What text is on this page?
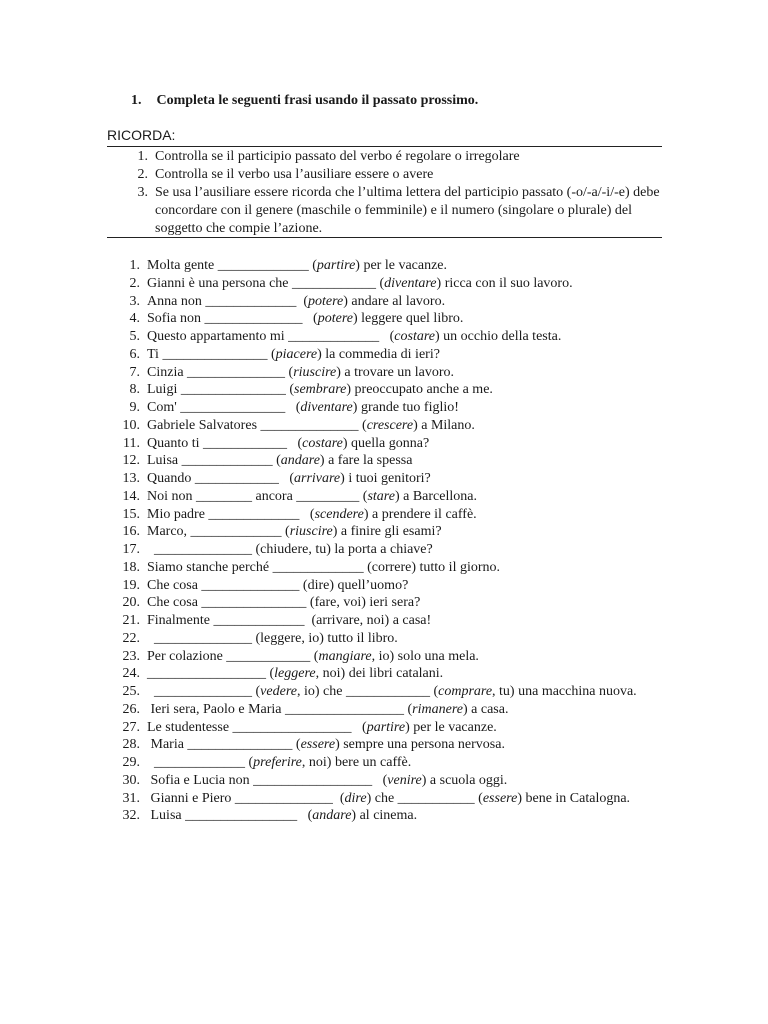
1. Completa le seguenti frasi usando il passato prossimo.
RICORDA:
1. Controlla se il participio passato del verbo é regolare o irregolare
2. Controlla se il verbo usa l’ausiliare essere o avere
3. Se usa l’ausiliare essere ricorda che l’ultima lettera del participio passato (-o/-a/-i/-e) debe concordare con il genere (maschile o femminile) e il numero (singolare o plurale) del soggetto che compie l’azione.
1. Molta gente _____________ (partire) per le vacanze.
2. Gianni è una persona che ____________ (diventare) ricca con il suo lavoro.
3. Anna non _____________  (potere) andare al lavoro.
4. Sofia non ______________   (potere) leggere quel libro.
5. Questo appartamento mi _____________   (costare) un occhio della testa.
6. Ti _______________ (piacere) la commedia di ieri?
7. Cinzia ______________ (riuscire) a trovare un lavoro.
8. Luigi _______________ (sembrare) preoccupato anche a me.
9. Com' _______________   (diventare) grande tuo figlio!
10. Gabriele Salvatores ______________ (crescere) a Milano.
11. Quanto ti ____________   (costare) quella gonna?
12. Luisa _____________ (andare) a fare la spessa
13. Quando ____________   (arrivare) i tuoi genitori?
14. Noi non ________ ancora _________ (stare) a Barcellona.
15. Mio padre _____________   (scendere) a prendere il caffè.
16. Marco, _____________ (riuscire) a finire gli esami?
17. ______________ (chiudere, tu) la porta a chiave?
18. Siamo stanche perché _____________ (correre) tutto il giorno.
19. Che cosa ______________ (dire) quell’uomo?
20. Che cosa _______________ (fare, voi) ieri sera?
21. Finalmente _____________  (arrivare, noi) a casa!
22. ______________ (leggere, io) tutto il libro.
23. Per colazione ____________ (mangiare, io) solo una mela.
24. _________________ (leggere, noi) dei libri catalani.
25. ______________ (vedere, io) che ____________ (comprare, tu) una macchina nuova.
26. Ieri sera, Paolo e Maria _________________ (rimanere) a casa.
27. Le studentesse _________________   (partire) per le vacanze.
28. Maria _______________ (essere) sempre una persona nervosa.
29. _____________ (preferire, noi) bere un caffè.
30. Sofia e Lucia non _________________   (venire) a scuola oggi.
31. Gianni e Piero ______________  (dire) che ___________ (essere) bene in Catalogna.
32. Luisa ________________   (andare) al cinema.
